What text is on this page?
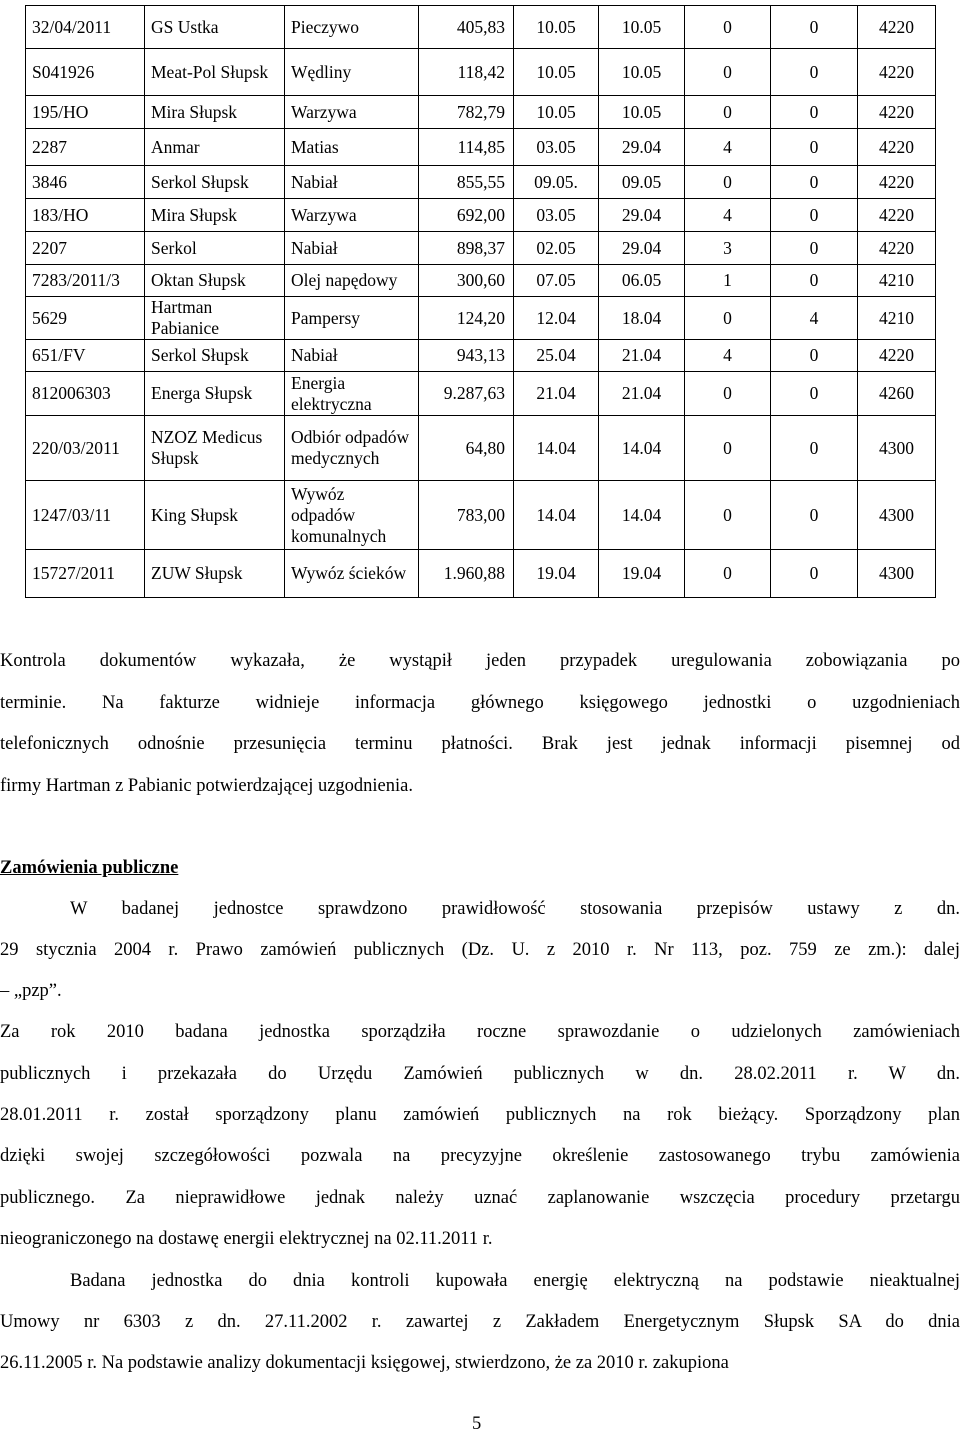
32/04/2011	GS Ustka	Pieczywo	405,83	10.05	10.05	0	0	4220
S041926	Meat-Pol Słupsk	Wędliny	118,42	10.05	10.05	0	0	4220
195/HO	Mira Słupsk	Warzywa	782,79	10.05	10.05	0	0	4220
2287	Anmar	Matias	114,85	03.05	29.04	4	0	4220
3846	Serkol Słupsk	Nabiał	855,55	09.05.	09.05	0	0	4220
183/HO	Mira Słupsk	Warzywa	692,00	03.05	29.04	4	0	4220
2207	Serkol	Nabiał	898,37	02.05	29.04	3	0	4220
7283/2011/3	Oktan Słupsk	Olej napędowy	300,60	07.05	06.05	1	0	4210
5629	Hartman Pabianice	Pampersy	124,20	12.04	18.04	0	4	4210
651/FV	Serkol Słupsk	Nabiał	943,13	25.04	21.04	4	0	4220
812006303	Energa Słupsk	Energia elektryczna	9.287,63	21.04	21.04	0	0	4260
220/03/2011	NZOZ Medicus Słupsk	Odbiór odpadów medycznych	64,80	14.04	14.04	0	0	4300
1247/03/11	King Słupsk	Wywóz odpadów komunalnych	783,00	14.04	14.04	0	0	4300
15727/2011	ZUW Słupsk	Wywóz ścieków	1.960,88	19.04	19.04	0	0	4300
Kontrola dokumentów wykazała, że wystąpił jeden przypadek uregulowania zobowiązania po
terminie. Na fakturze widnieje informacja głównego księgowego jednostki o uzgodnieniach
telefonicznych odnośnie przesunięcia terminu płatności. Brak jest jednak informacji pisemnej od
firmy Hartman z Pabianic potwierdzającej uzgodnienia.
Zamówienia publiczne
W badanej jednostce sprawdzono prawidłowość stosowania przepisów ustawy z dn.
29 stycznia 2004 r. Prawo zamówień publicznych (Dz. U. z 2010 r. Nr 113, poz. 759 ze zm.): dalej
– „pzp”.
Za rok 2010 badana jednostka sporządziła roczne sprawozdanie o udzielonych zamówieniach
publicznych i przekazała do Urzędu Zamówień publicznych w dn. 28.02.2011 r. W dn.
28.01.2011 r. został sporządzony planu zamówień publicznych na rok bieżący. Sporządzony plan
dzięki swojej szczegółowości pozwala na precyzyjne określenie zastosowanego trybu zamówienia
publicznego. Za nieprawidłowe jednak należy uznać zaplanowanie wszczęcia procedury przetargu
nieograniczonego na dostawę energii elektrycznej na 02.11.2011 r.
Badana jednostka do dnia kontroli kupowała energię elektryczną na podstawie nieaktualnej
Umowy nr 6303 z dn. 27.11.2002 r. zawartej z Zakładem Energetycznym Słupsk SA do dnia
26.11.2005 r. Na podstawie analizy dokumentacji księgowej, stwierdzono, że za 2010 r. zakupiona
5
